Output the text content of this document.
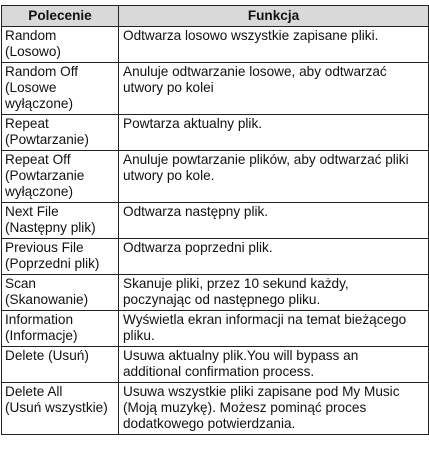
Polecenie	Funkcja

Random
(Losowo)	Odtwarza losowo wszystkie zapisane pliki.

Random Off
(Losowe
wyłączone)	Anuluje odtwarzanie losowe, aby odtwarzać
utwory po kolei

Repeat
(Powtarzanie)	Powtarza aktualny plik.

Repeat Off
(Powtarzanie
wyłączone)	Anuluje powtarzanie plików, aby odtwarzać pliki
utwory po kole.

Next File
(Następny plik)	Odtwarza następny plik.

Previous File
(Poprzedni plik)	Odtwarza poprzedni plik.

Scan
(Skanowanie)	Skanuje pliki, przez 10 sekund każdy,
poczynając od następnego pliku.

Information
(Informacje)	Wyświetla ekran informacji na temat bieżącego
pliku.

Delete (Usuń)	Usuwa aktualny plik.You will bypass an
additional confirmation process.

Delete All
(Usuń wszystkie)	Usuwa wszystkie pliki zapisane pod My Music
(Moją muzykę). Możesz pominąć proces
dodatkowego potwierdzania.
